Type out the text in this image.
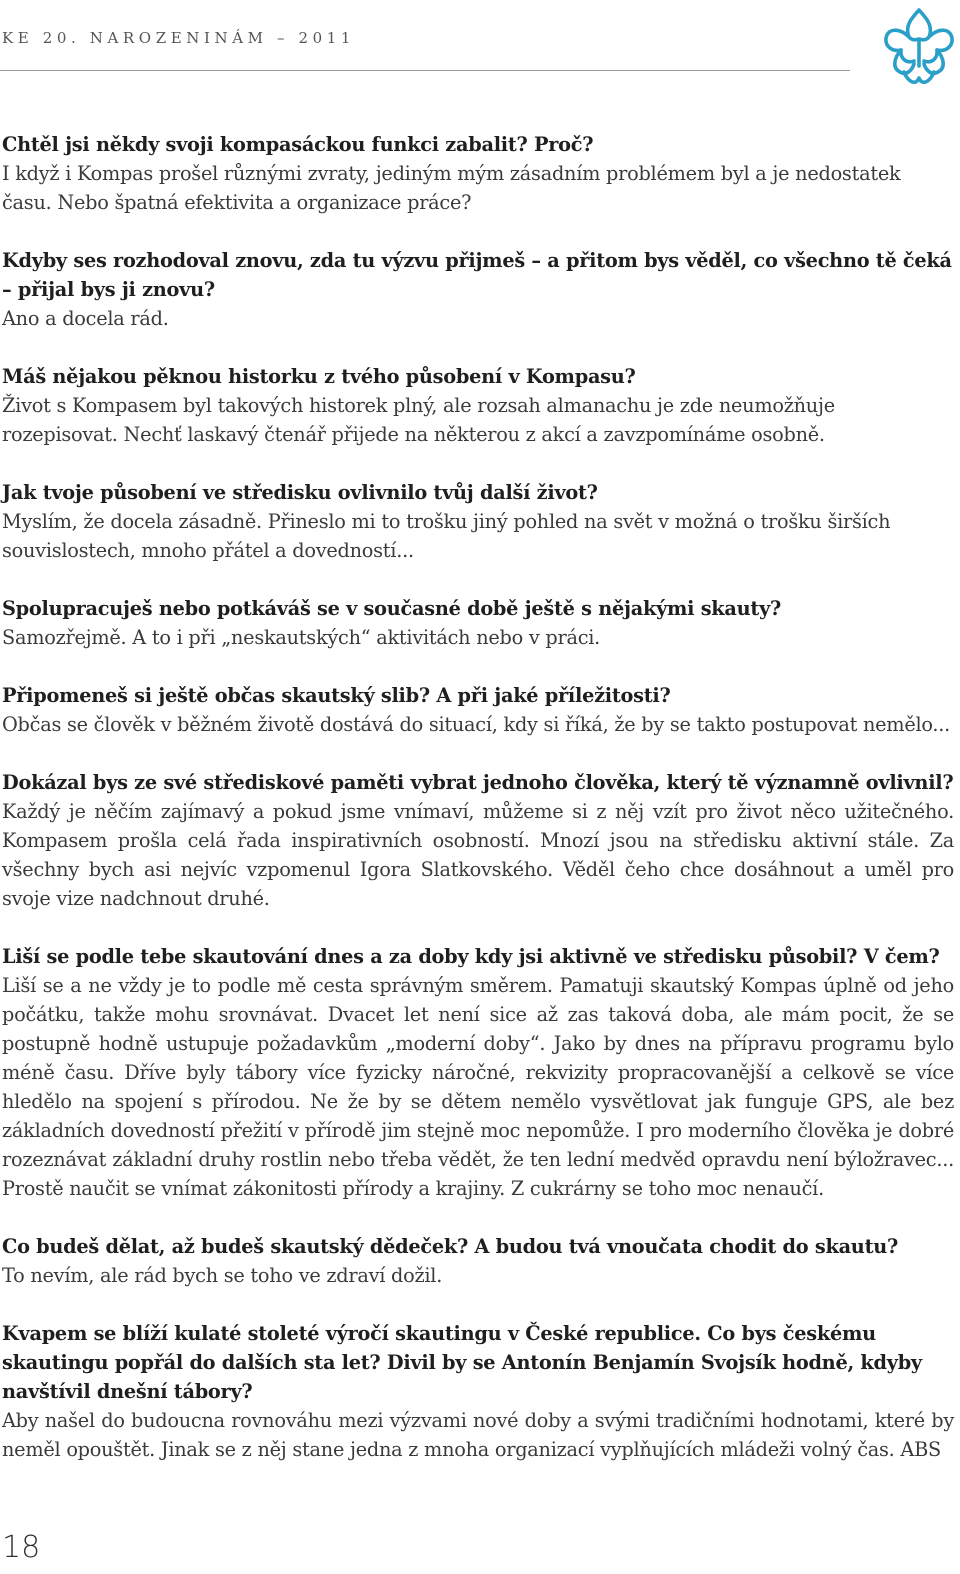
KE 20. NAROZENINÁM – 2011

Chtěl jsi někdy svoji kompasáckou funkci zabalit? Proč?

I když i Kompas prošel různými zvraty, jediným mým zásadním problémem byl a je nedostatek času. Nebo špatná efektivita a organizace práce?

Kdyby ses rozhodoval znovu, zda tu výzvu přijmeš – a přitom bys věděl, co všechno tě čeká – přijal bys ji znovu?

Ano a docela rád.

Máš nějakou pěknou historku z tvého působení v Kompasu?

Život s Kompasem byl takových historek plný, ale rozsah almanachu je zde neumožňuje rozepisovat. Nechť laskavý čtenář přijede na některou z akcí a zavzpomínáme osobně.

Jak tvoje působení ve středisku ovlivnilo tvůj další život?

Myslím, že docela zásadně. Přineslo mi to trošku jiný pohled na svět v možná o trošku širších souvislostech, mnoho přátel a dovedností...

Spolupracuješ nebo potkáváš se v současné době ještě s nějakými skauty?

Samozřejmě. A to i při „neskautských“ aktivitách nebo v práci.

Připomeneš si ještě občas skautský slib? A při jaké příležitosti?

Občas se člověk v běžném životě dostává do situací, kdy si říká, že by se takto postupovat nemělo...

Dokázal bys ze své střediskové paměti vybrat jednoho člověka, který tě významně ovlivnil?

Každý je něčím zajímavý a pokud jsme vnímaví, můžeme si z něj vzít pro život něco užitečného. Kompasem prošla celá řada inspirativních osobností. Mnozí jsou na středisku aktivní stále. Za všechny bych asi nejvíc vzpomenul Igora Slatkovského. Věděl čeho chce dosáhnout a uměl pro svoje vize nadchnout druhé.

Liší se podle tebe skautování dnes a za doby kdy jsi aktivně ve středisku působil? V čem?

Liší se a ne vždy je to podle mě cesta správným směrem. Pamatuji skautský Kompas úplně od jeho počátku, takže mohu srovnávat. Dvacet let není sice až zas taková doba, ale mám pocit, že se postupně hodně ustupuje požadavkům „moderní doby“. Jako by dnes na přípravu programu bylo méně času. Dříve byly tábory více fyzicky náročné, rekvizity propracovanější a celkově se více hledělo na spojení s přírodou. Ne že by se dětem nemělo vysvětlovat jak funguje GPS, ale bez základních dovedností přežití v přírodě jim stejně moc nepomůže. I pro moderního člověka je dobré rozeznávat základní druhy rostlin nebo třeba vědět, že ten lední medvěd opravdu není býložravec... Prostě naučit se vnímat zákonitosti přírody a krajiny. Z cukrárny se toho moc nenaučí.

Co budeš dělat, až budeš skautský dědeček? A budou tvá vnoučata chodit do skautu?

To nevím, ale rád bych se toho ve zdraví dožil.

Kvapem se blíží kulaté stoleté výročí skautingu v České republice. Co bys českému skautingu popřál do dalších sta let? Divil by se Antonín Benjamín Svojsík hodně, kdyby navštívil dnešní tábory?

Aby našel do budoucna rovnováhu mezi výzvami nové doby a svými tradičními hodnotami, které by neměl opouštět. Jinak se z něj stane jedna z mnoha organizací vyplňujících mládeži volný čas. ABS

18
